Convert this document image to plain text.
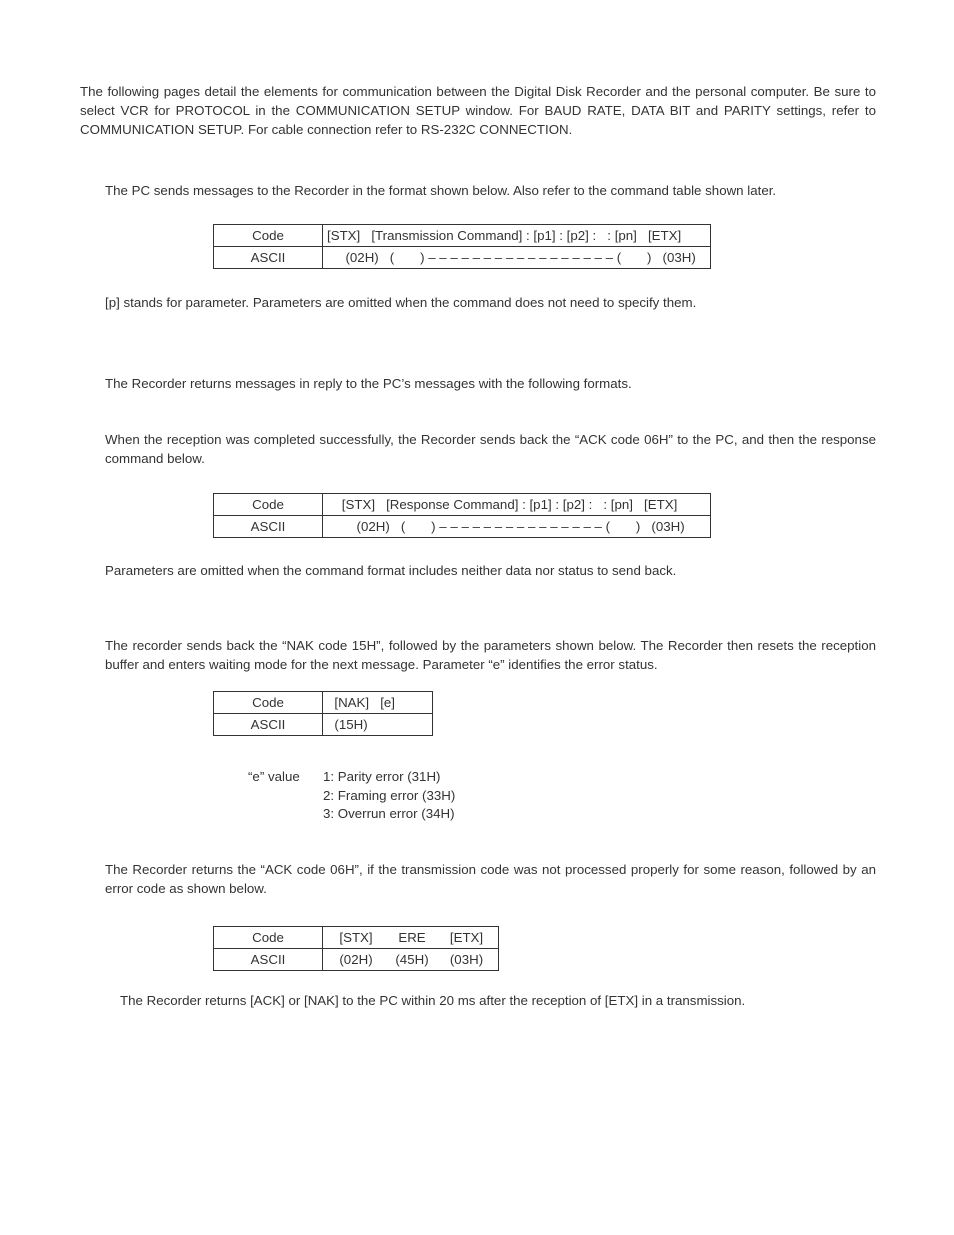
The following pages detail the elements for communication between the Digital Disk Recorder and the personal computer. Be sure to select VCR for PROTOCOL in the COMMUNICATION SETUP window. For BAUD RATE, DATA BIT and PARITY settings, refer to COMMUNICATION SETUP. For cable connection refer to RS-232C CONNECTION.

The PC sends messages to the Recorder in the format shown below. Also refer to the command table shown later.

Code	[STX]   [Transmission Command] : [p1] : [p2] :   : [pn]   [ETX]
ASCII	(02H)   (       ) – – – – – – – – – – – – – – – – – (       )   (03H)

[p] stands for parameter. Parameters are omitted when the command does not need to specify them.

The Recorder returns messages in reply to the PC’s messages with the following formats.

When the reception was completed successfully, the Recorder sends back the “ACK code 06H” to the PC, and then the response command below.

Code	[STX]   [Response Command] : [p1] : [p2] :   : [pn]   [ETX]
ASCII	(02H)   (       ) – – – – – – – – – – – – – – – (       )   (03H)

Parameters are omitted when the command format includes neither data nor status to send back.

The recorder sends back the “NAK code 15H”, followed by the parameters shown below. The Recorder then resets the reception buffer and enters waiting mode for the next message. Parameter “e” identifies the error status.

Code	[NAK]   [e]
ASCII	(15H)

“e” value 1: Parity error (31H)

2: Framing error (33H)

3: Overrun error (34H)

The Recorder returns the “ACK code 06H”, if the transmission code was not processed properly for some reason, followed by an error code as shown below.

Code	[STX]	ERE	[ETX]
ASCII	(02H)	(45H)	(03H)

The Recorder returns [ACK] or [NAK] to the PC within 20 ms after the reception of [ETX] in a transmission.
